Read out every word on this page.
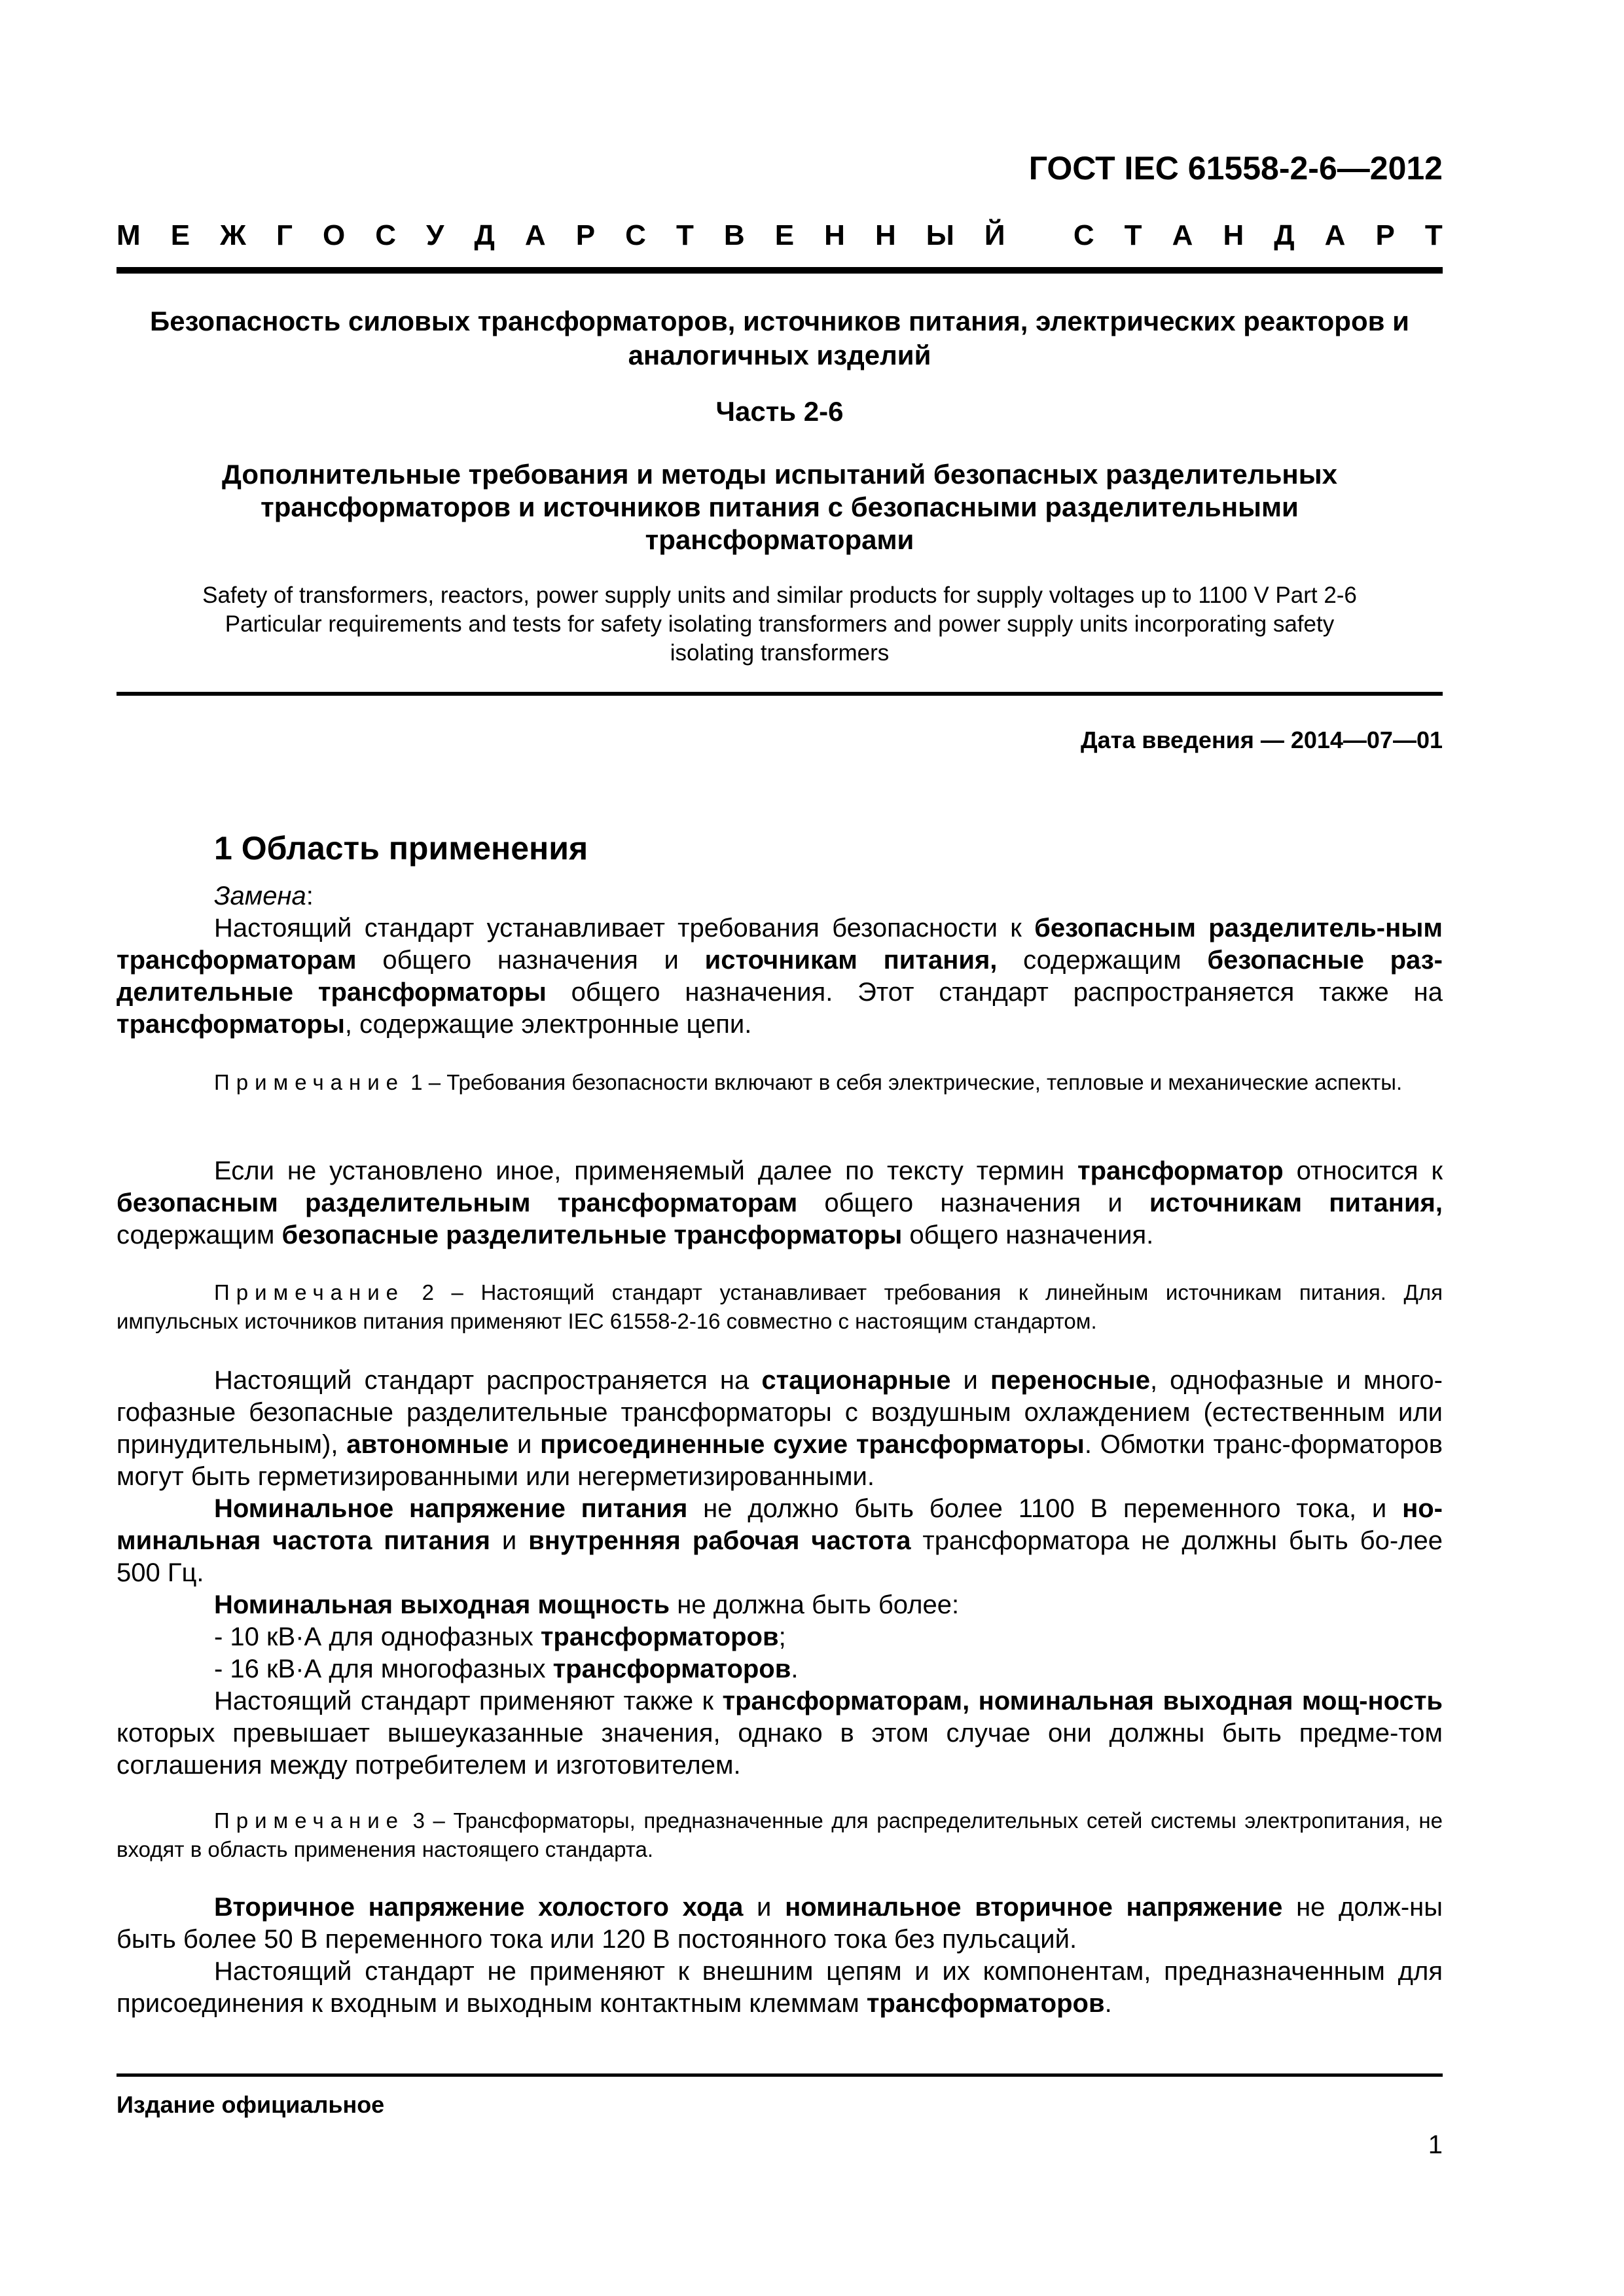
ГОСТ IEC 61558-2-6—2012
М Е Ж Г О С У Д А Р С Т В Е Н Н Ы Й
С Т А Н Д А Р Т
Безопасность силовых трансформаторов, источников питания, электрических реакторов и
аналогичных изделий
Часть 2-6
Дополнительные требования и методы испытаний безопасных разделительных
трансформаторов и источников питания с безопасными разделительными
трансформаторами
Safety of transformers, reactors, power supply units and similar products for supply voltages up to 1100 V Part 2-6
Particular requirements and tests for safety isolating transformers and power supply units incorporating safety
isolating transformers
Дата введения — 2014—07—01
1 Область применения

Замена:

Настоящий стандарт устанавливает требования безопасности к безопасным разделитель-ным трансформаторам общего назначения и источникам питания, содержащим безопасные раз-делительные трансформаторы общего назначения. Этот стандарт распространяется также на трансформаторы, содержащие электронные цепи.

Примечание 1 – Требования безопасности включают в себя электрические, тепловые и механические аспекты.

Если не установлено иное, применяемый далее по тексту термин трансформатор относится к безопасным разделительным трансформаторам общего назначения и источникам питания, содержащим безопасные разделительные трансформаторы общего назначения.

Примечание 2 – Настоящий стандарт устанавливает требования к линейным источникам питания. Для импульсных источников питания применяют IEC 61558-2-16 совместно с настоящим стандартом.

Настоящий стандарт распространяется на стационарные и переносные, однофазные и много-гофазные безопасные разделительные трансформаторы с воздушным охлаждением (естественным или принудительным), автономные и присоединенные сухие трансформаторы. Обмотки транс-форматоров могут быть герметизированными или негерметизированными.

Номинальное напряжение питания не должно быть более 1100 В переменного тока, и но-минальная частота питания и внутренняя рабочая частота трансформатора не должны быть бо-лее 500 Гц.

Номинальная выходная мощность не должна быть более:

- 10 кВ·А для однофазных трансформаторов;

- 16 кВ·А для многофазных трансформаторов.

Настоящий стандарт применяют также к трансформаторам, номинальная выходная мощ-ность которых превышает вышеуказанные значения, однако в этом случае они должны быть предме-том соглашения между потребителем и изготовителем.

Примечание 3 – Трансформаторы, предназначенные для распределительных сетей системы электропитания, не входят в область применения настоящего стандарта.

Вторичное напряжение холостого хода и номинальное вторичное напряжение не долж-ны быть более 50 В переменного тока или 120 В постоянного тока без пульсаций.

Настоящий стандарт не применяют к внешним цепям и их компонентам, предназначенным для присоединения к входным и выходным контактным клеммам трансформаторов.

Издание официальное
1
